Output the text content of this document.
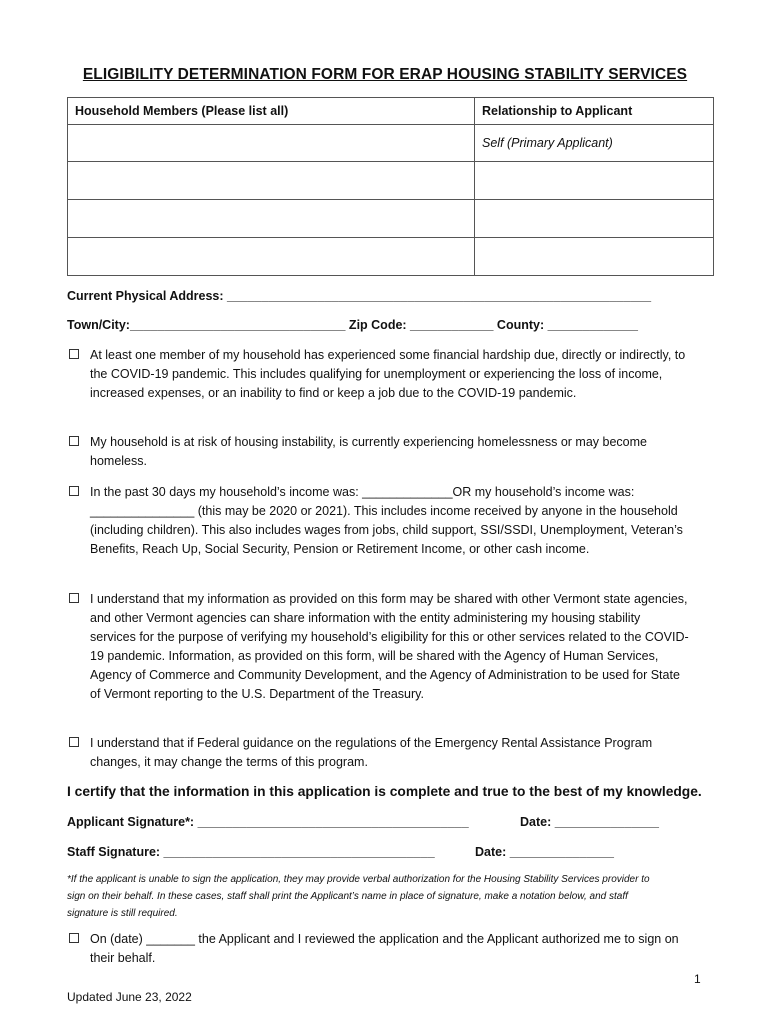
ELIGIBILITY DETERMINATION FORM FOR ERAP HOUSING STABILITY SERVICES
Household Members (Please list all)	Relationship to Applicant
	Self (Primary Applicant)

Current Physical Address: _____________________________________________________________
Town/City:_______________________________ Zip Code: ____________ County: _____________
At least one member of my household has experienced some financial hardship due, directly or indirectly, to the COVID-19 pandemic. This includes qualifying for unemployment or experiencing the loss of income, increased expenses, or an inability to find or keep a job due to the COVID-19 pandemic.
My household is at risk of housing instability, is currently experiencing homelessness or may become homeless.
In the past 30 days my household’s income was: _____________OR my household’s income was: _______________ (this may be 2020 or 2021). This includes income received by anyone in the household (including children). This also includes wages from jobs, child support, SSI/SSDI, Unemployment, Veteran’s Benefits, Reach Up, Social Security, Pension or Retirement Income, or other cash income.
I understand that my information as provided on this form may be shared with other Vermont state agencies, and other Vermont agencies can share information with the entity administering my housing stability services for the purpose of verifying my household’s eligibility for this or other services related to the COVID-19 pandemic. Information, as provided on this form, will be shared with the Agency of Human Services, Agency of Commerce and Community Development, and the Agency of Administration to be used for State of Vermont reporting to the U.S. Department of the Treasury.
I understand that if Federal guidance on the regulations of the Emergency Rental Assistance Program changes, it may change the terms of this program.
I certify that the information in this application is complete and true to the best of my knowledge.
Applicant Signature*: _______________________________________	Date: _______________
Staff Signature: _______________________________________	Date: _______________
*If the applicant is unable to sign the application, they may provide verbal authorization for the Housing Stability Services provider to sign on their behalf. In these cases, staff shall print the Applicant’s name in place of signature, make a notation below, and staff signature is still required.
On (date) _______ the Applicant and I reviewed the application and the Applicant authorized me to sign on their behalf.
1
Updated June 23, 2022
